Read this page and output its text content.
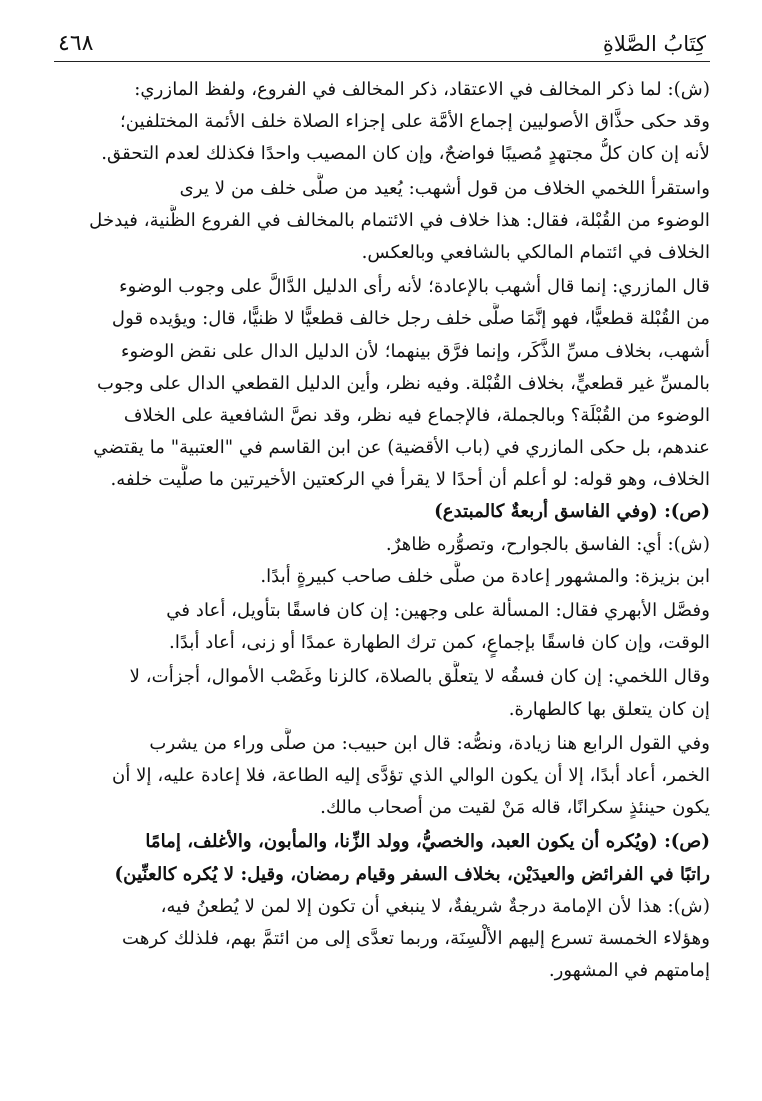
٤٦٨	كِتَابُ الصَّلاةِ
(ش): لما ذكر المخالف في الاعتقاد، ذكر المخالف في الفروع، ولفظ المازري:
وقد حكى حذَّاق الأصوليين إجماع الأمَّة على إجزاء الصلاة خلف الأئمة المختلفين؛
لأنه إن كان كلُّ مجتهدٍ مُصيبًا فواضحٌ، وإن كان المصيب واحدًا فكذلك لعدم التحقق.
واستقرأ اللخمي الخلاف من قول أشهب: يُعيد من صلَّى خلف من لا يرى
الوضوء من القُبْلة، فقال: هذا خلاف في الائتمام بالمخالف في الفروع الظَّنية، فيدخل
الخلاف في ائتمام المالكي بالشافعي وبالعكس.
قال المازري: إنما قال أشهب بالإعادة؛ لأنه رأى الدليل الدَّالَّ على وجوب الوضوء
من القُبْلة قطعيًّا، فهو إنَّمَا صلَّى خلف رجل خالف قطعيًّا لا ظنيًّا، قال: ويؤيده قول
أشهب، بخلاف مسِّ الذَّكَر، وإنما فرَّق بينهما؛ لأن الدليل الدال على نقض الوضوء
بالمسِّ غير قطعيٍّ، بخلاف القُبْلة. وفيه نظر، وأين الدليل القطعي الدال على وجوب
الوضوء من القُبْلَة؟ وبالجملة، فالإجماع فيه نظر، وقد نصَّ الشافعية على الخلاف
عندهم، بل حكى المازري في (باب الأقضية) عن ابن القاسم في "العتبية" ما يقتضي
الخلاف، وهو قوله: لو أعلم أن أحدًا لا يقرأ في الركعتين الأخيرتين ما صلَّيت خلفه.
(ص): (وفي الفاسق أربعةٌ كالمبتدع)
(ش): أي: الفاسق بالجوارح، وتصوُّره ظاهرٌ.
ابن بزيزة: والمشهور إعادة من صلَّى خلف صاحب كبيرةٍ أبدًا.
وفصَّل الأبهري فقال: المسألة على وجهين: إن كان فاسقًا بتأويل، أعاد في
الوقت، وإن كان فاسقًا بإجماعٍ، كمن ترك الطهارة عمدًا أو زنى، أعاد أبدًا.
وقال اللخمي: إن كان فسقُه لا يتعلَّق بالصلاة، كالزنا وغَصْب الأموال، أجزأت، لا
إن كان يتعلق بها كالطهارة.
وفي القول الرابع هنا زيادة، ونصُّه: قال ابن حبيب: من صلَّى وراء من يشرب
الخمر، أعاد أبدًا، إلا أن يكون الوالي الذي تؤدَّى إليه الطاعة، فلا إعادة عليه، إلا أن
يكون حينئذٍ سكرانًا، قاله مَنْ لقيت من أصحاب مالك.
(ص): (ويُكره أن يكون العبد، والخصيُّ، وولد الزِّنا، والمأبون، والأغلف، إمامًا
راتبًا في الفرائض والعيدَيْن، بخلاف السفر وقيام رمضان، وقيل: لا يُكره كالعنِّين)
(ش): هذا لأن الإمامة درجةٌ شريفةٌ، لا ينبغي أن تكون إلا لمن لا يُطعنُ فيه،
وهؤلاء الخمسة تسرع إليهم الألْسِنَة، وربما تعدَّى إلى من ائتمَّ بهم، فلذلك كرهت
إمامتهم في المشهور.
